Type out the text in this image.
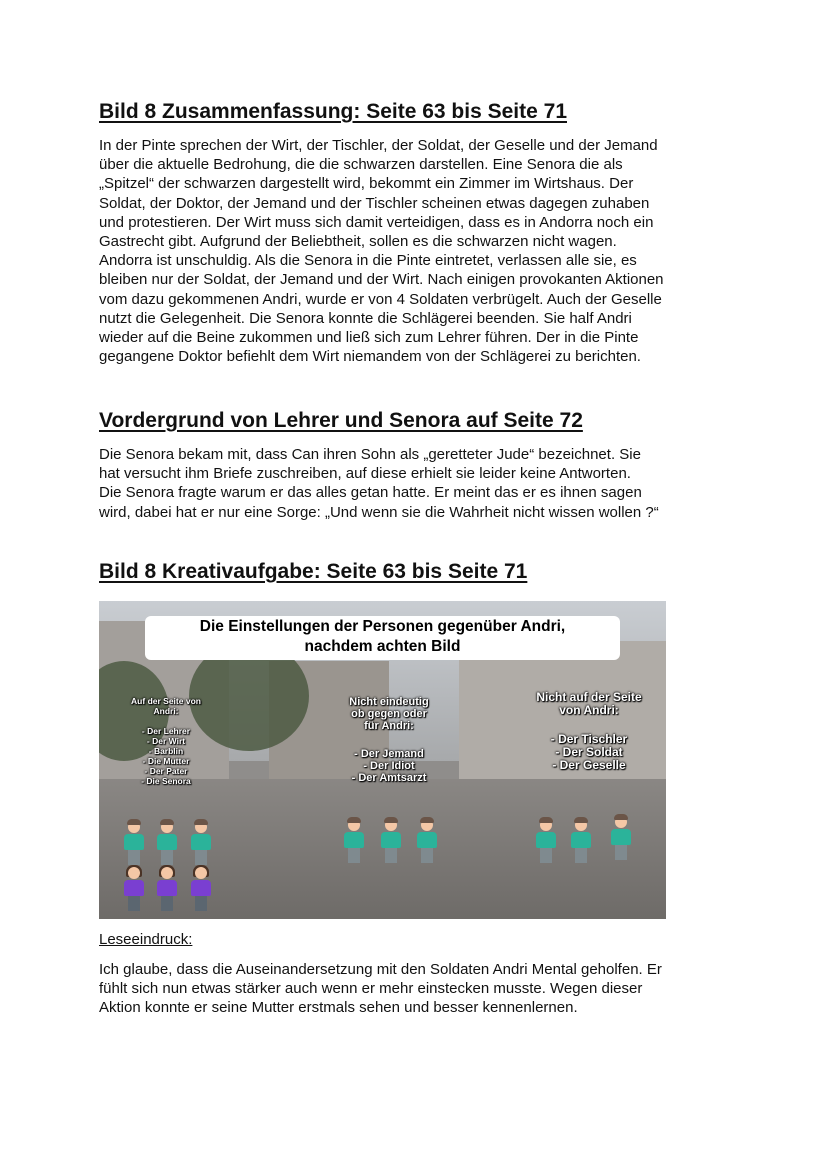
Bild 8 Zusammenfassung: Seite 63 bis Seite 71

In der Pinte sprechen der Wirt, der Tischler, der Soldat, der Geselle und der Jemand
über die aktuelle Bedrohung, die die schwarzen darstellen. Eine Senora die als
„Spitzel“ der schwarzen dargestellt wird, bekommt ein Zimmer im Wirtshaus. Der
Soldat, der Doktor, der Jemand und der Tischler scheinen etwas dagegen zuhaben
und protestieren. Der Wirt muss sich damit verteidigen, dass es in Andorra noch ein
Gastrecht gibt. Aufgrund der Beliebtheit, sollen es die schwarzen nicht wagen.
Andorra ist unschuldig. Als die Senora in die Pinte eintretet, verlassen alle sie, es
bleiben nur der Soldat, der Jemand und der Wirt. Nach einigen provokanten Aktionen
vom dazu gekommenen Andri, wurde er von 4 Soldaten verbrügelt. Auch der Geselle
nutzt die Gelegenheit. Die Senora konnte die Schlägerei beenden. Sie half Andri
wieder auf die Beine zukommen und ließ sich zum Lehrer führen. Der in die Pinte
gegangene Doktor befiehlt dem Wirt niemandem von der Schlägerei zu berichten.

Vordergrund von Lehrer und Senora auf Seite 72

Die Senora bekam mit, dass Can ihren Sohn als „geretteter Jude“ bezeichnet. Sie
hat versucht ihm Briefe zuschreiben, auf diese erhielt sie leider keine Antworten.
Die Senora fragte warum er das alles getan hatte. Er meint das er es ihnen sagen
wird, dabei hat er nur eine Sorge: „Und wenn sie die Wahrheit nicht wissen wollen ?“

Bild 8 Kreativaufgabe: Seite 63 bis Seite 71
Die Einstellungen der Personen gegenüber Andri,
nachdem achten Bild
Auf der Seite von
Andri:
- Der Lehrer
- Der Wirt
- Barblin
- Die Mutter
- Der Pater
- Die Senora
Nicht eindeutig
ob gegen oder
für Andri:
- Der Jemand
- Der Idiot
- Der Amtsarzt
Nicht auf der Seite
von Andri:
- Der Tischler
- Der Soldat
- Der Geselle

Leseeindruck:

Ich glaube, dass die Auseinandersetzung mit den Soldaten Andri Mental geholfen. Er
fühlt sich nun etwas stärker auch wenn er mehr einstecken musste. Wegen dieser
Aktion konnte er seine Mutter erstmals sehen und besser kennenlernen.
